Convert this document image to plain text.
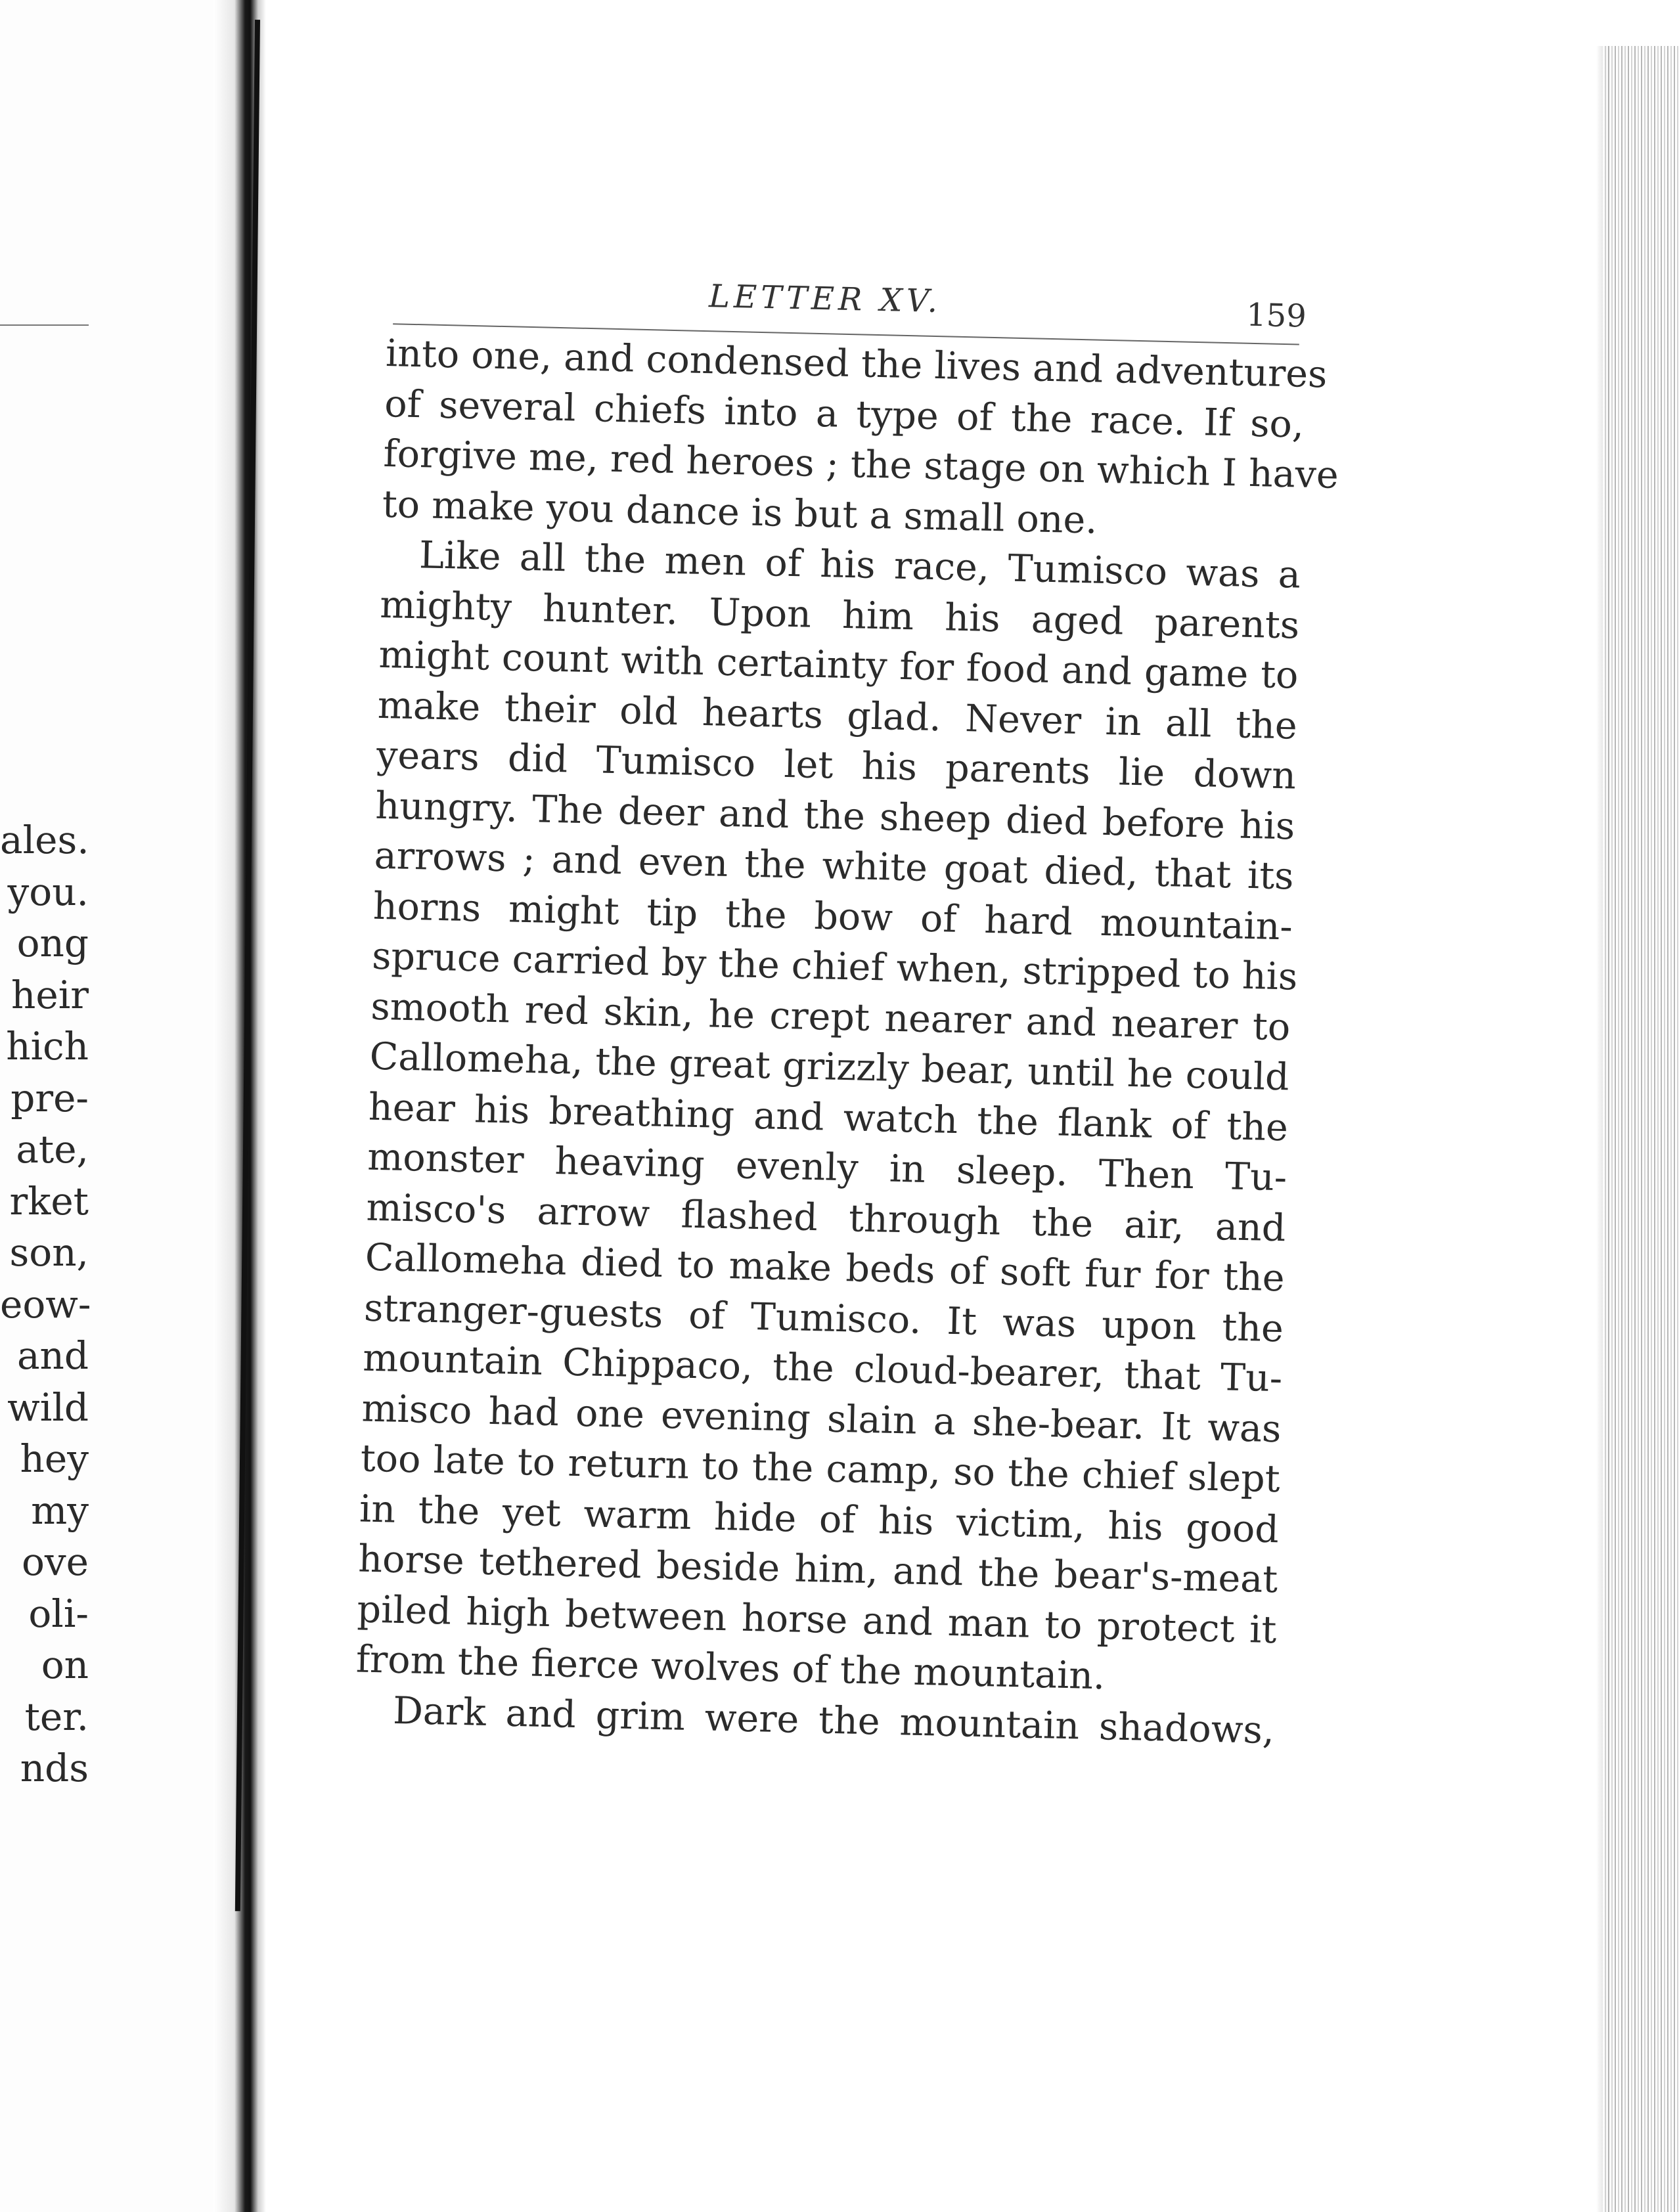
ales.
you.
ong
heir
hich
pre-
ate,
rket
son,
eow-
and
wild
hey
my
ove
oli-
on
ter.
nds
LETTER XV.	159
into one, and condensed the lives and adventures
of several chiefs into a type of the race. If so,
forgive me, red heroes ; the stage on which I have
to make you dance is but a small one.
Like all the men of his race, Tumisco was a
mighty hunter. Upon him his aged parents
might count with certainty for food and game to
make their old hearts glad. Never in all the
years did Tumisco let his parents lie down
hungry. The deer and the sheep died before his
arrows ; and even the white goat died, that its
horns might tip the bow of hard mountain-
spruce carried by the chief when, stripped to his
smooth red skin, he crept nearer and nearer to
Callomeha, the great grizzly bear, until he could
hear his breathing and watch the flank of the
monster heaving evenly in sleep. Then Tu-
misco's arrow flashed through the air, and
Callomeha died to make beds of soft fur for the
stranger-guests of Tumisco. It was upon the
mountain Chippaco, the cloud-bearer, that Tu-
misco had one evening slain a she-bear. It was
too late to return to the camp, so the chief slept
in the yet warm hide of his victim, his good
horse tethered beside him, and the bear's-meat
piled high between horse and man to protect it
from the fierce wolves of the mountain.
Dark and grim were the mountain shadows,
